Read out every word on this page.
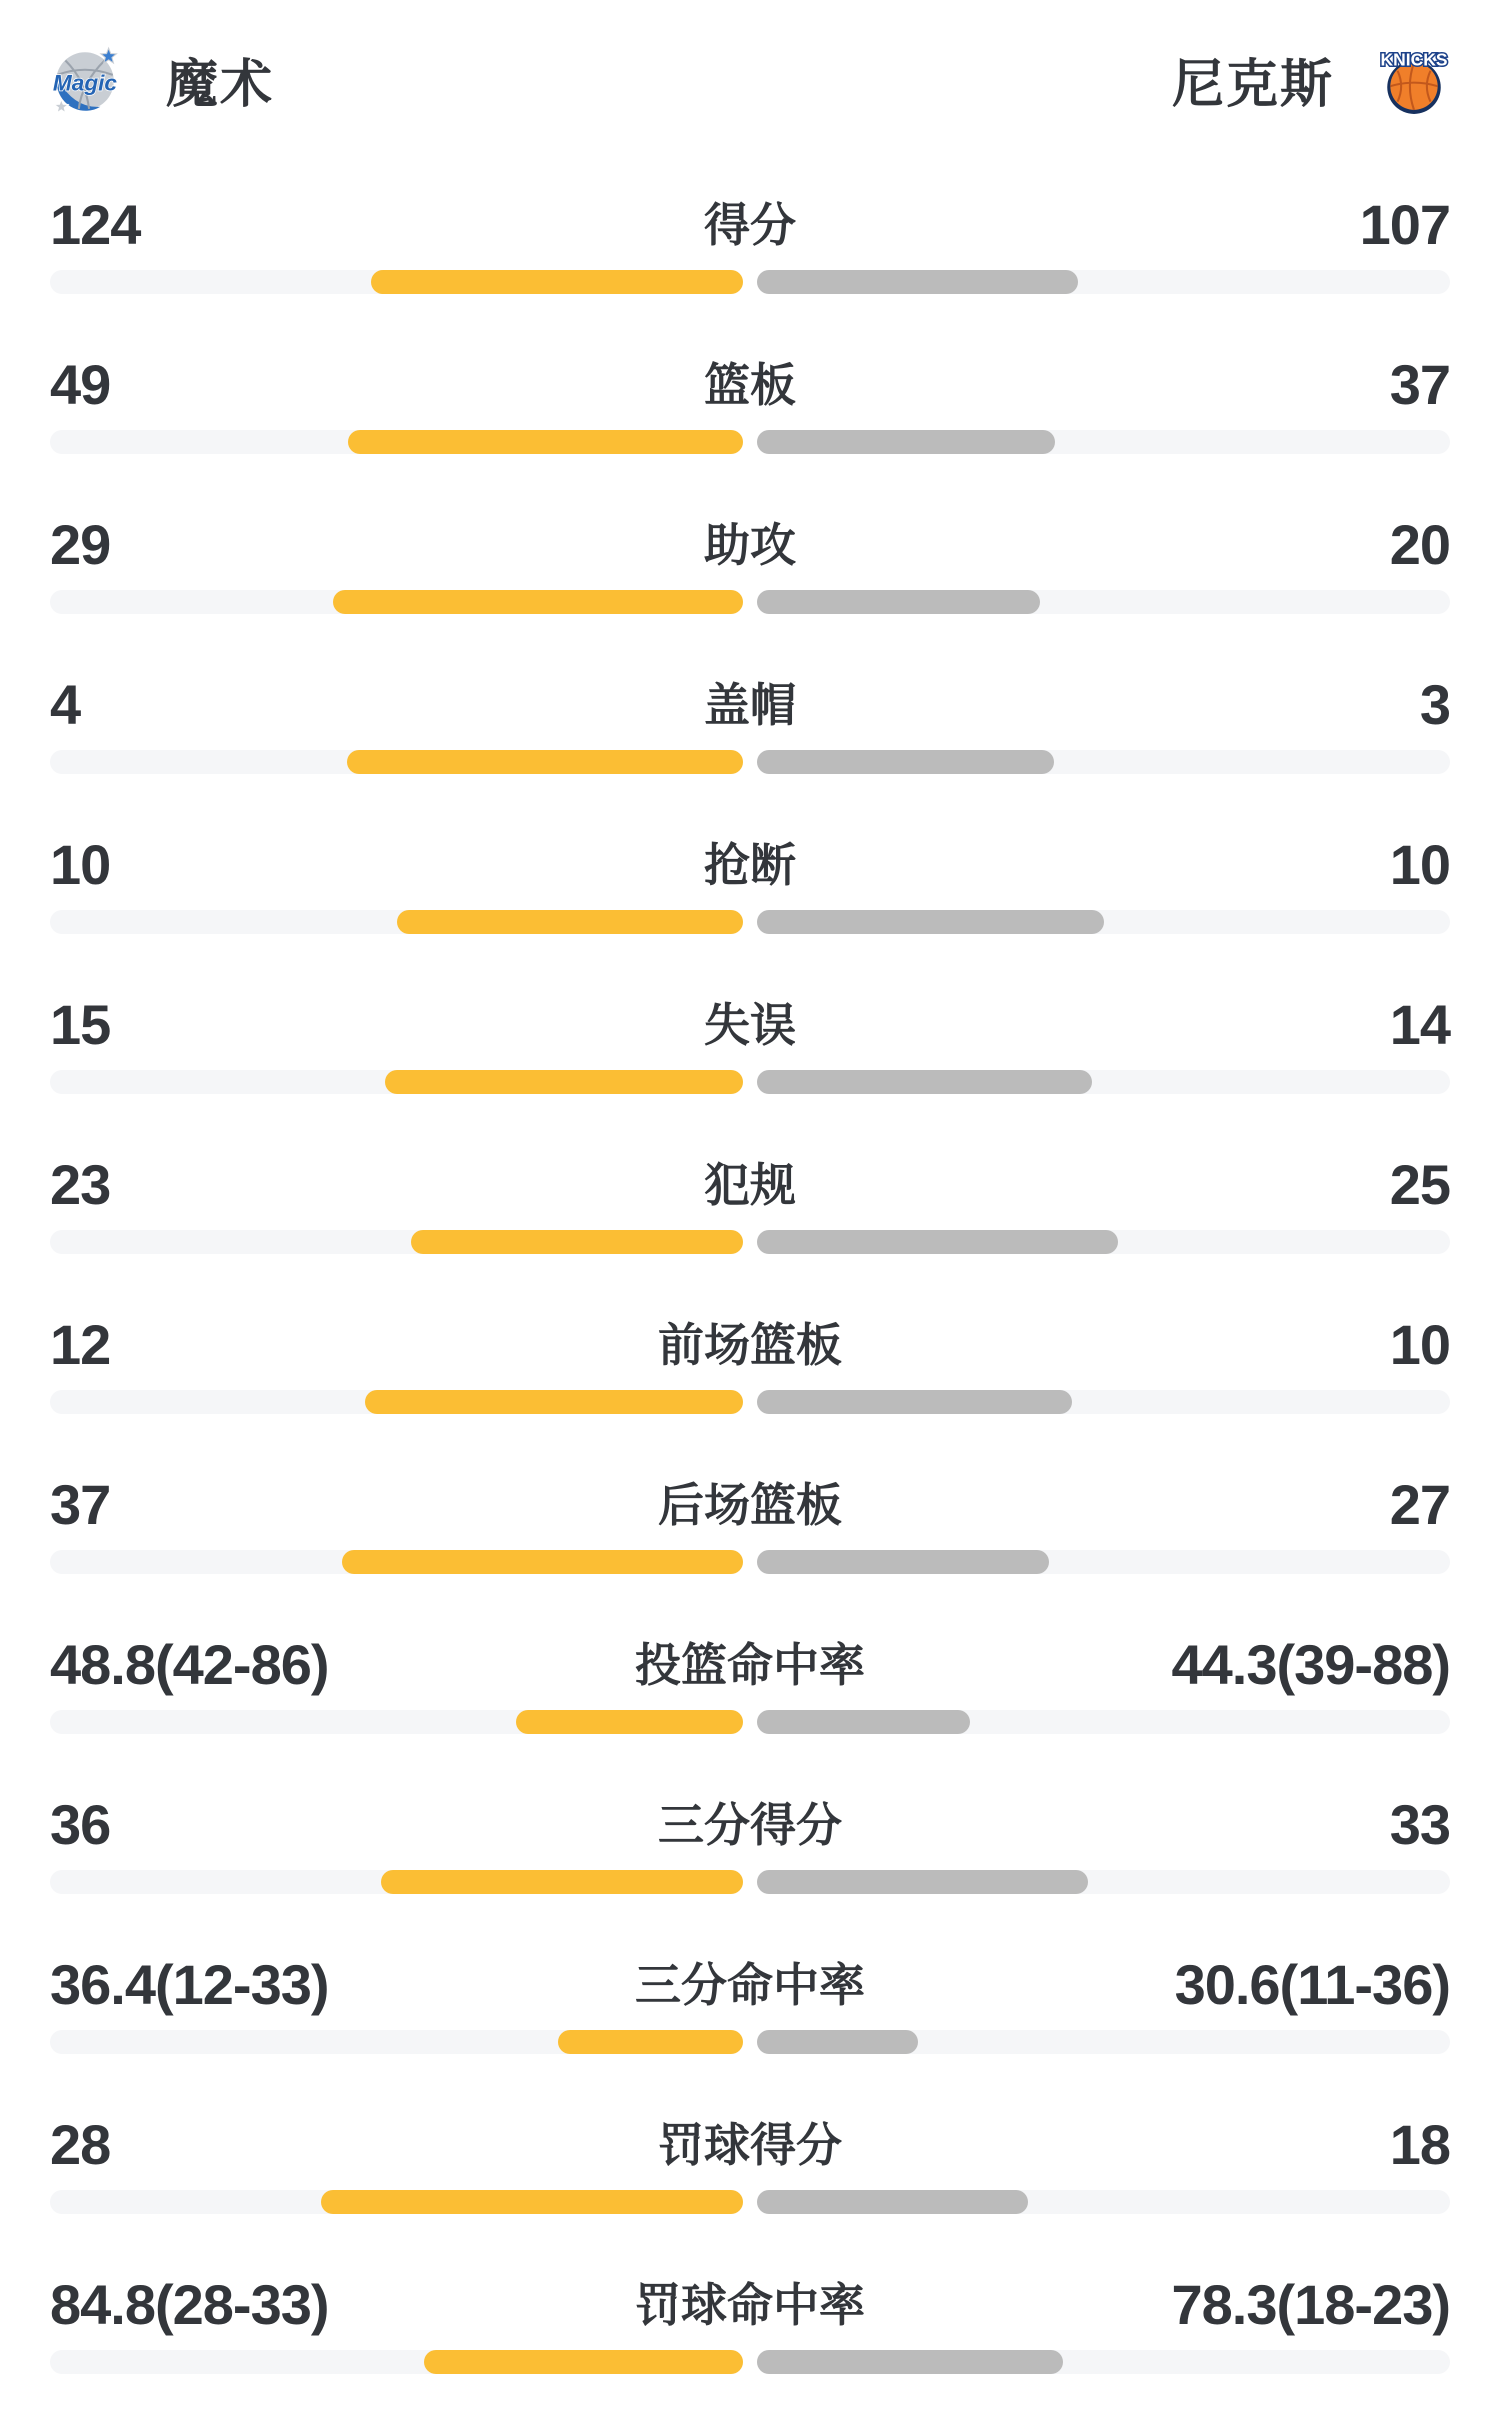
Magic 魔术	尼克斯	KNICKS
124	得分	107
49	篮板	37
29	助攻	20
4	盖帽	3
10	抢断	10
15	失误	14
23	犯规	25
12	前场篮板	10
37	后场篮板	27
48.8(42-86)	投篮命中率	44.3(39-88)
36	三分得分	33
36.4(12-33)	三分命中率	30.6(11-36)
28	罚球得分	18
84.8(28-33)	罚球命中率	78.3(18-23)
